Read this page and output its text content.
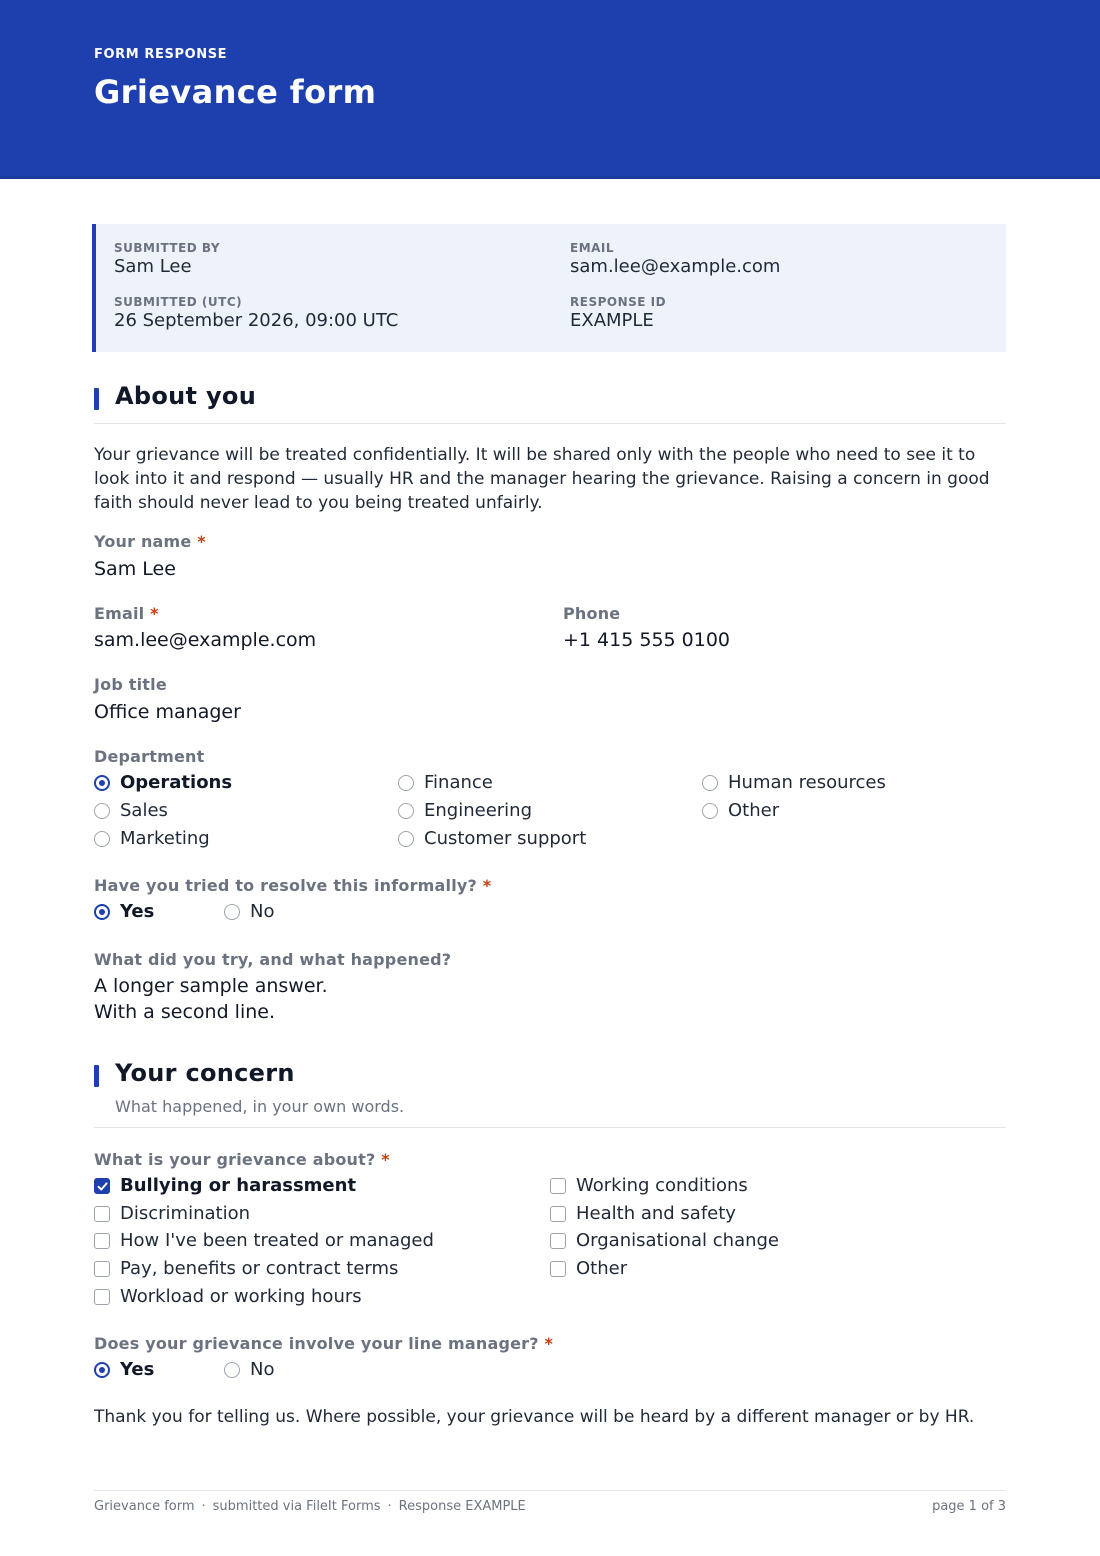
FORM RESPONSE
Grievance form
SUBMITTED BY
Sam Lee
EMAIL
sam.lee@example.com
SUBMITTED (UTC)
26 September 2026, 09:00 UTC
RESPONSE ID
EXAMPLE
About you
Your grievance will be treated confidentially. It will be shared only with the people who need to see it to look into it and respond — usually HR and the manager hearing the grievance. Raising a concern in good faith should never lead to you being treated unfairly.
Your name *
Sam Lee
Email *
sam.lee@example.com
Phone
+1 415 555 0100
Job title
Office manager
Department
Operations
Sales
Marketing
Finance
Engineering
Customer support
Human resources
Other
Have you tried to resolve this informally? *
Yes	No
What did you try, and what happened?
A longer sample answer.
With a second line.
Your concern
What happened, in your own words.
What is your grievance about? *
Bullying or harassment
Discrimination
How I've been treated or managed
Pay, benefits or contract terms
Workload or working hours
Working conditions
Health and safety
Organisational change
Other
Does your grievance involve your line manager? *
Yes	No
Thank you for telling us. Where possible, your grievance will be heard by a different manager or by HR.
Grievance form · submitted via FileIt Forms · Response EXAMPLE	page 1 of 3
